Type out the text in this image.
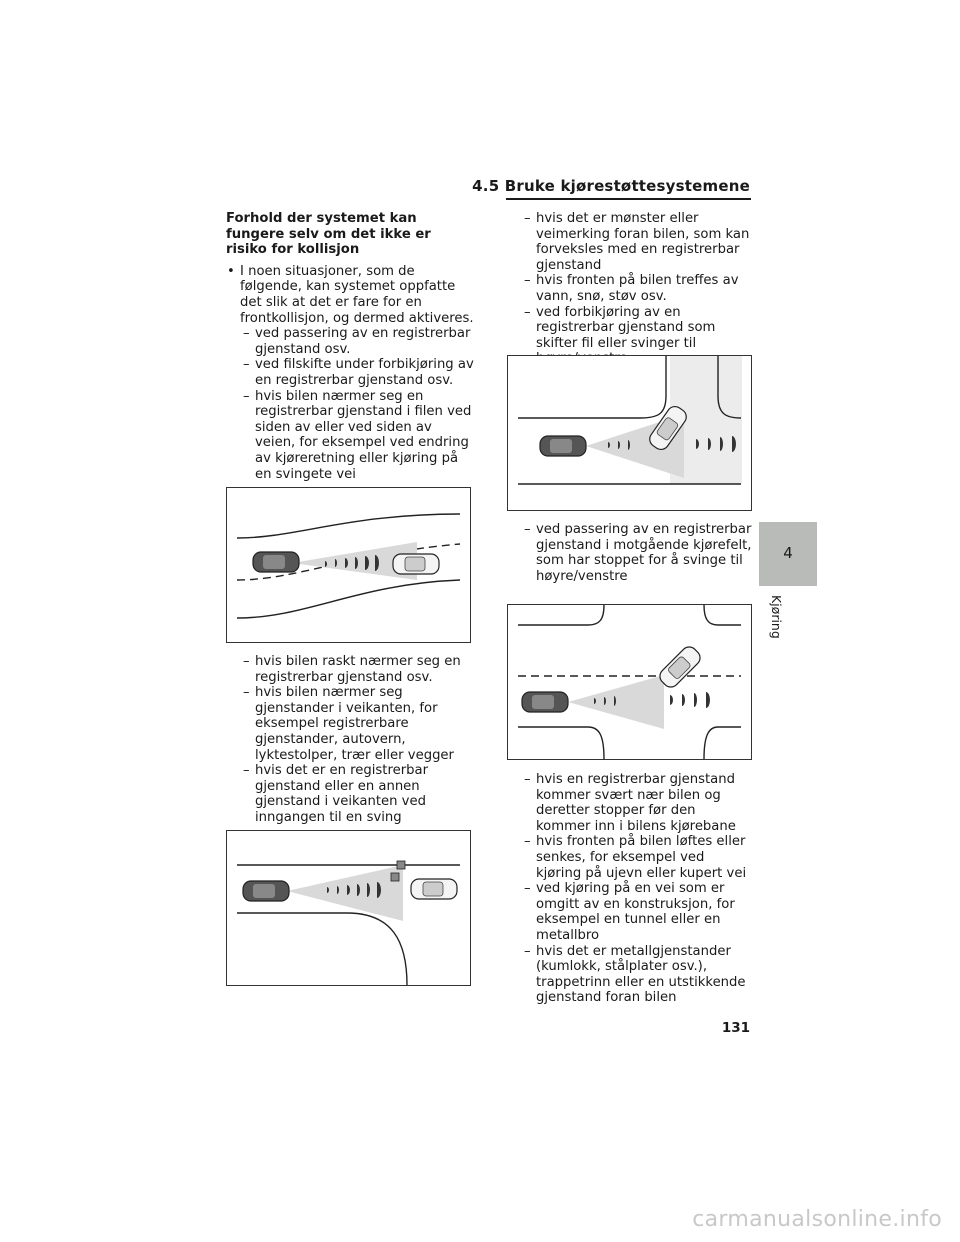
4.5 Bruke kjørestøttesystemene
Forhold der systemet kan fungere selv om det ikke er risiko for kollisjon
• I noen situasjoner, som de følgende, kan systemet oppfatte det slik at det er fare for en frontkollisjon, og dermed aktiveres.
– ved passering av en registrerbar gjenstand osv.
– ved filskifte under forbikjøring av en registrerbar gjenstand osv.
– hvis bilen nærmer seg en registrerbar gjenstand i filen ved siden av eller ved siden av veien, for eksempel ved endring av kjøreretning eller kjøring på en svingete vei
– hvis bilen raskt nærmer seg en registrerbar gjenstand osv.
– hvis bilen nærmer seg gjenstander i veikanten, for eksempel registrerbare gjenstander, autovern, lyktestolper, trær eller vegger
– hvis det er en registrerbar gjenstand eller en annen gjenstand i veikanten ved inngangen til en sving
– hvis det er mønster eller veimerking foran bilen, som kan forveksles med en registrerbar gjenstand
– hvis fronten på bilen treffes av vann, snø, støv osv.
– ved forbikjøring av en registrerbar gjenstand som skifter fil eller svinger til
– ved passering av en registrerbar gjenstand i motgående kjørefelt, som har stoppet for å svinge til høyre/venstre
– hvis en registrerbar gjenstand kommer svært nær bilen og deretter stopper før den kommer inn i bilens kjørebane
– hvis fronten på bilen løftes eller senkes, for eksempel ved kjøring på ujevn eller kupert vei
– ved kjøring på en vei som er omgitt av en konstruksjon, for eksempel en tunnel eller en metallbro
– hvis det er metallgjenstander (kumlokk, stålplater osv.), trappetrinn eller en utstikkende gjenstand foran bilen
4
Kjøring
131
carmanualsonline.info
